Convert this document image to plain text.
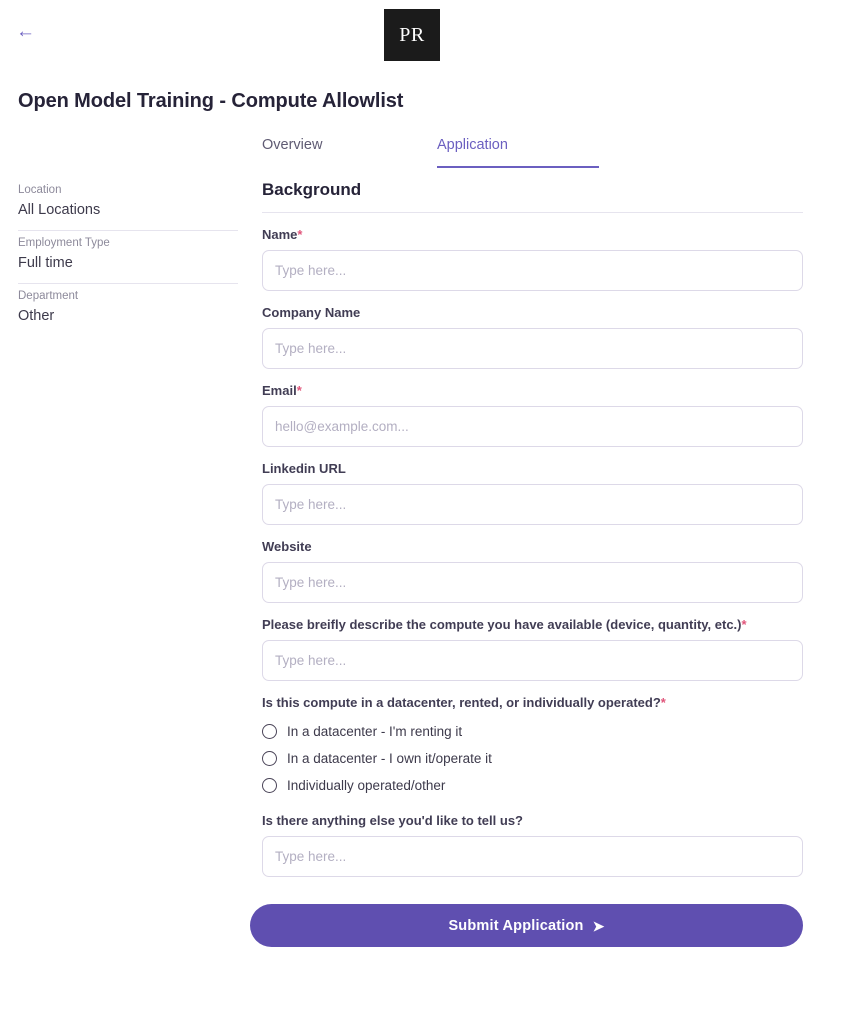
←	PR
Open Model Training - Compute Allowlist
Overview	Application
Location
All Locations
Employment Type
Full time
Department
Other
Background
Name*
Type here...
Company Name
Type here...
Email*
hello@example.com...
Linkedin URL
Type here...
Website
Type here...
Please breifly describe the compute you have available (device, quantity, etc.)*
Type here...
Is this compute in a datacenter, rented, or individually operated?*
In a datacenter - I'm renting it
In a datacenter - I own it/operate it
Individually operated/other
Is there anything else you'd like to tell us?
Type here...
Submit Application ➤
